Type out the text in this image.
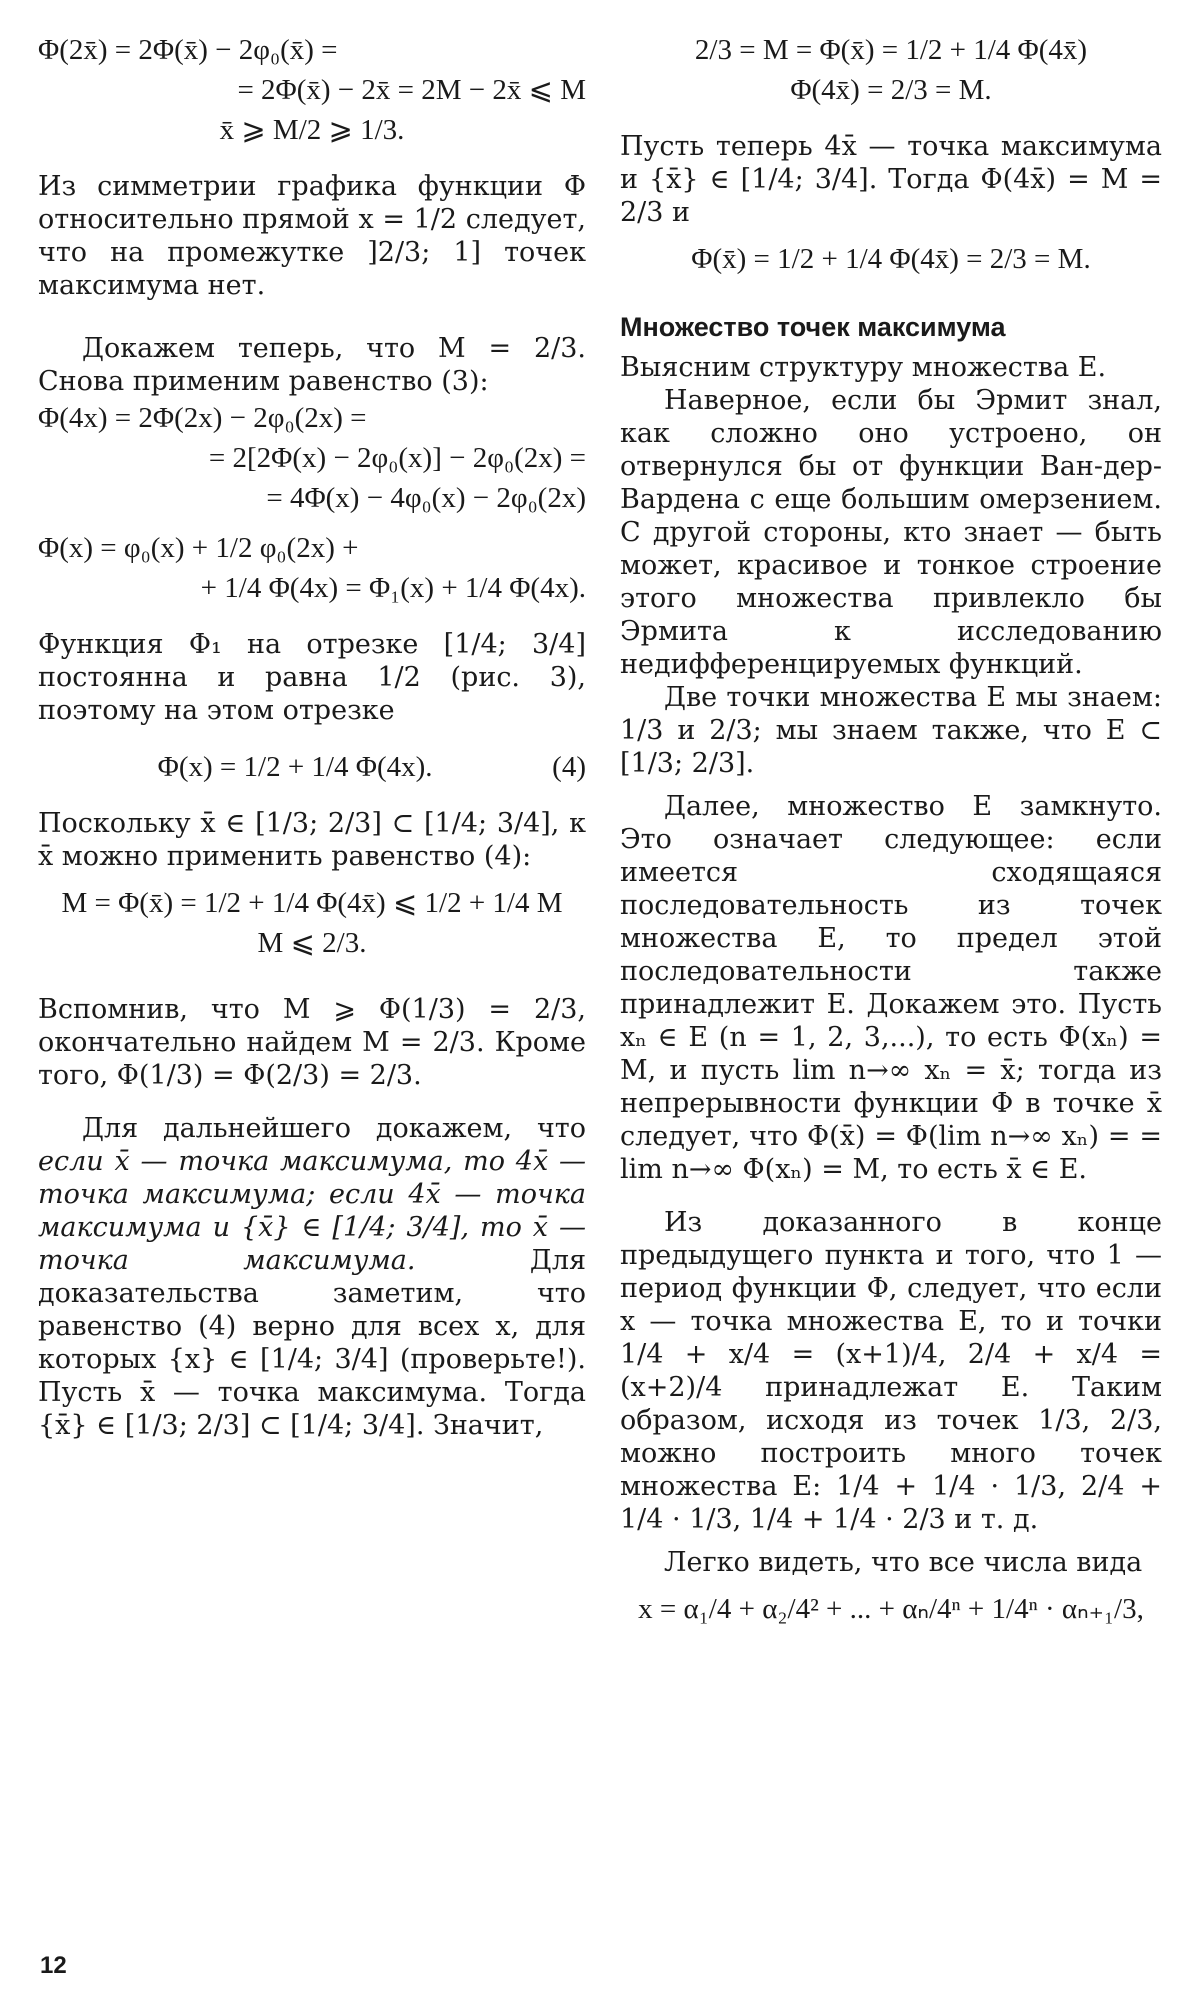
Φ(2x̄) = 2Φ(x̄) − 2φ₀(x̄) =
= 2Φ(x̄) − 2x̄ = 2M − 2x̄ ⩽ M
x̄ ⩾ M/2 ⩾ 1/3.

Из симметрии графика функции Φ относительно прямой x = 1/2 следует, что на промежутке ]2/3; 1] точек максимума нет.

Докажем теперь, что M = 2/3. Снова применим равенство (3):

Φ(4x) = 2Φ(2x) − 2φ₀(2x) =
= 2[2Φ(x) − 2φ₀(x)] − 2φ₀(2x) =
= 4Φ(x) − 4φ₀(x) − 2φ₀(2x)
Φ(x) = φ₀(x) + 1/2 φ₀(2x) +
+ 1/4 Φ(4x) = Φ₁(x) + 1/4 Φ(4x).

Функция Φ₁ на отрезке [1/4; 3/4] постоянна и равна 1/2 (рис. 3), поэтому на этом отрезке

Φ(x) = 1/2 + 1/4 Φ(4x).	(4)

Поскольку x̄ ∈ [1/3; 2/3] ⊂ [1/4; 3/4], к x̄ можно применить равенство (4):

M = Φ(x̄) = 1/2 + 1/4 Φ(4x̄) ⩽ 1/2 + 1/4 M
M ⩽ 2/3.

Вспомнив, что M ⩾ Φ(1/3) = 2/3, окончательно найдем M = 2/3. Кроме того, Φ(1/3) = Φ(2/3) = 2/3.

Для дальнейшего докажем, что если x̄ — точка максимума, то 4x̄ — точка максимума; если 4x̄ — точка максимума и {x̄} ∈ [1/4; 3/4], то x̄ — точка максимума. Для доказательства заметим, что равенство (4) верно для всех x, для которых {x} ∈ [1/4; 3/4] (проверьте!). Пусть x̄ — точка максимума. Тогда {x̄} ∈ [1/3; 2/3] ⊂ [1/4; 3/4]. Значит,

2/3 = M = Φ(x̄) = 1/2 + 1/4 Φ(4x̄)
Φ(4x̄) = 2/3 = M.

Пусть теперь 4x̄ — точка максимума и {x̄} ∈ [1/4; 3/4]. Тогда Φ(4x̄) = M = 2/3 и

Φ(x̄) = 1/2 + 1/4 Φ(4x̄) = 2/3 = M.
Множество точек максимума

Выясним структуру множества E.

Наверное, если бы Эрмит знал, как сложно оно устроено, он отвернулся бы от функции Ван-дер-Вардена с еще большим омерзением. С другой стороны, кто знает — быть может, красивое и тонкое строение этого множества привлекло бы Эрмита к исследованию недифференцируемых функций.

Две точки множества E мы знаем: 1/3 и 2/3; мы знаем также, что E ⊂ [1/3; 2/3].

Далее, множество E замкнуто. Это означает следующее: если имеется сходящаяся последовательность из точек множества E, то предел этой последовательности также принадлежит E. Докажем это. Пусть xₙ ∈ E (n = 1, 2, 3,...), то есть Φ(xₙ) = M, и пусть lim n→∞ xₙ = x̄; тогда из непрерывности функции Φ в точке x̄ следует, что Φ(x̄) = Φ(lim n→∞ xₙ) = = lim n→∞ Φ(xₙ) = M, то есть x̄ ∈ E.

Из доказанного в конце предыдущего пункта и того, что 1 — период функции Φ, следует, что если x — точка множества E, то и точки 1/4 + x/4 = (x+1)/4, 2/4 + x/4 = (x+2)/4 принадлежат E. Таким образом, исходя из точек 1/3, 2/3, можно построить много точек множества E: 1/4 + 1/4 · 1/3, 2/4 + 1/4 · 1/3, 1/4 + 1/4 · 2/3 и т. д.

Легко видеть, что все числа вида

x = α₁/4 + α₂/4² + ... + αₙ/4ⁿ + 1/4ⁿ · αₙ₊₁/3,
12
